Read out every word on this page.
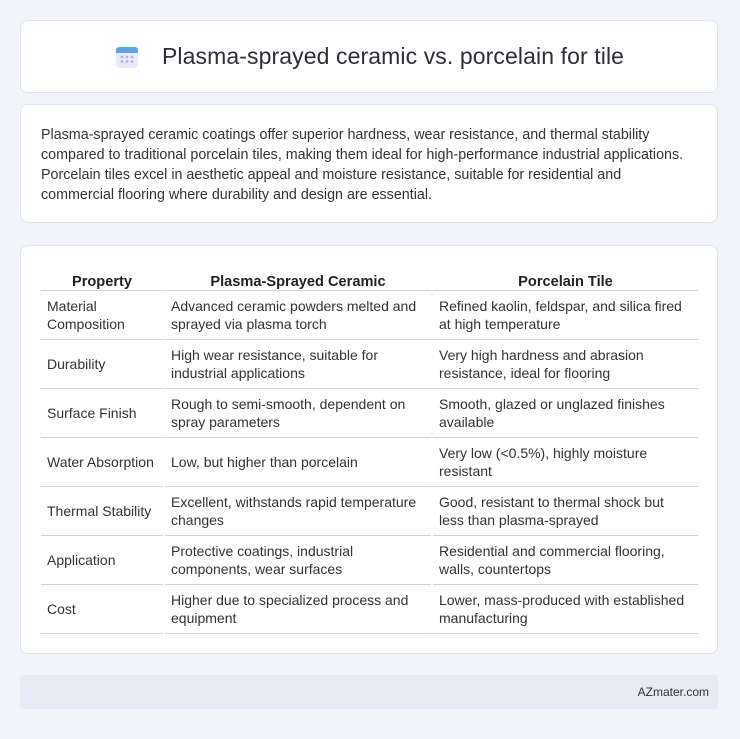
Plasma-sprayed ceramic vs. porcelain for tile

Plasma-sprayed ceramic coatings offer superior hardness, wear resistance, and thermal stability compared to traditional porcelain tiles, making them ideal for high-performance industrial applications. Porcelain tiles excel in aesthetic appeal and moisture resistance, suitable for residential and commercial flooring where durability and design are essential.

Property	Plasma-Sprayed Ceramic	Porcelain Tile
Material Composition	Advanced ceramic powders melted and sprayed via plasma torch	Refined kaolin, feldspar, and silica fired at high temperature
Durability	High wear resistance, suitable for industrial applications	Very high hardness and abrasion resistance, ideal for flooring
Surface Finish	Rough to semi-smooth, dependent on spray parameters	Smooth, glazed or unglazed finishes available
Water Absorption	Low, but higher than porcelain	Very low (<0.5%), highly moisture resistant
Thermal Stability	Excellent, withstands rapid temperature changes	Good, resistant to thermal shock but less than plasma-sprayed
Application	Protective coatings, industrial components, wear surfaces	Residential and commercial flooring, walls, countertops
Cost	Higher due to specialized process and equipment	Lower, mass-produced with established manufacturing
AZmater.com
